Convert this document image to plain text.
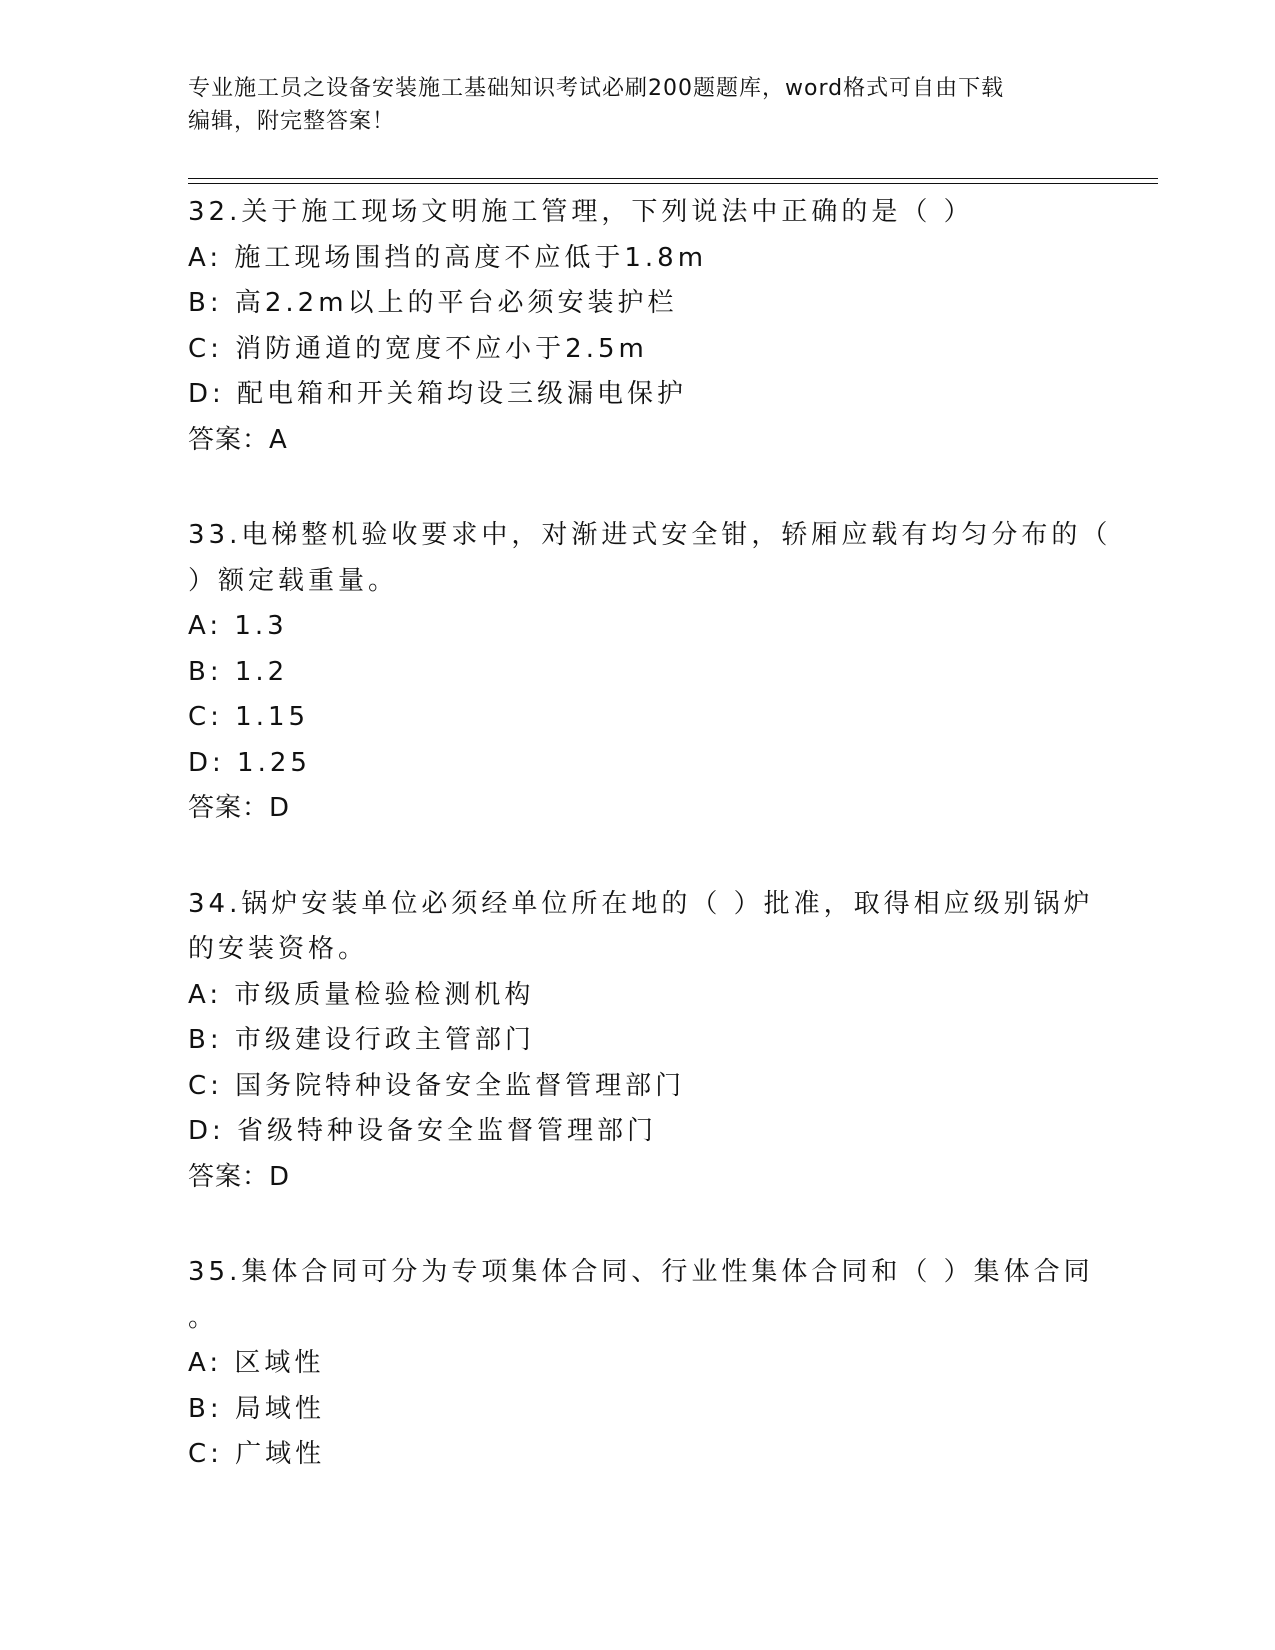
专业施工员之设备安装施工基础知识考试必刷200题题库，word格式可自由下载
编辑，附完整答案！
32.关于施工现场文明施工管理，下列说法中正确的是（ ）
A: 施工现场围挡的高度不应低于1.8m
B: 高2.2m以上的平台必须安装护栏
C: 消防通道的宽度不应小于2.5m
D: 配电箱和开关箱均设三级漏电保护
答案：A
33.电梯整机验收要求中，对渐进式安全钳，轿厢应载有均匀分布的（
）额定载重量。
A: 1.3
B: 1.2
C: 1.15
D: 1.25
答案：D
34.锅炉安装单位必须经单位所在地的（ ）批准，取得相应级别锅炉
的安装资格。
A: 市级质量检验检测机构
B: 市级建设行政主管部门
C: 国务院特种设备安全监督管理部门
D: 省级特种设备安全监督管理部门
答案：D
35.集体合同可分为专项集体合同、行业性集体合同和（ ）集体合同
。
A: 区域性
B: 局域性
C: 广域性
